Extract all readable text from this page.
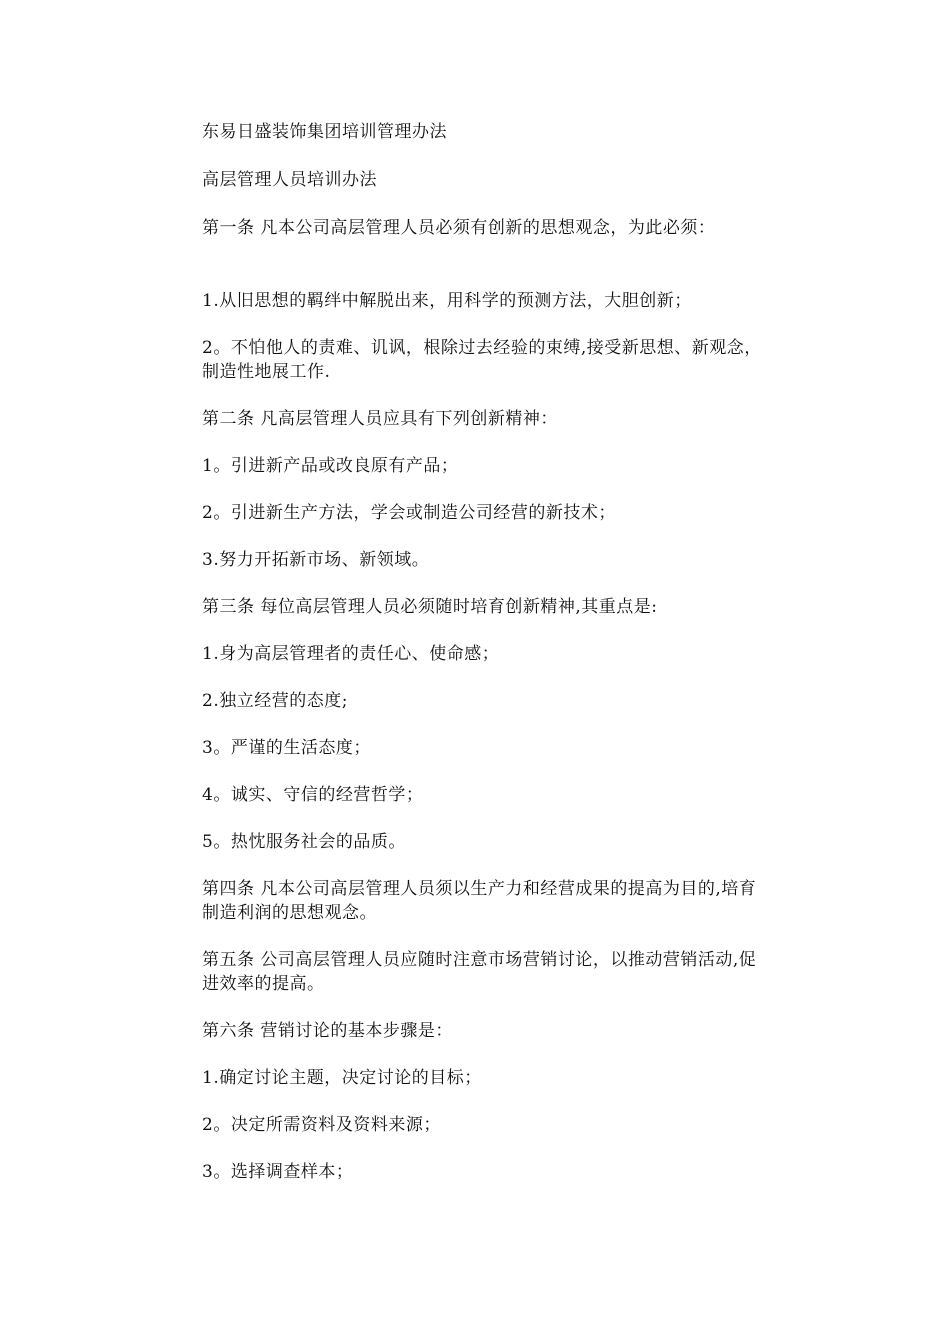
东易日盛装饰集团培训管理办法

高层管理人员培训办法

第一条 凡本公司高层管理人员必须有创新的思想观念，为此必须：

1.从旧思想的羁绊中解脱出来，用科学的预测方法，大胆创新；

2。不怕他人的责难、讥讽，根除过去经验的束缚,接受新思想、新观念，制造性地展工作.

第二条 凡高层管理人员应具有下列创新精神：

1。引进新产品或改良原有产品；

2。引进新生产方法，学会或制造公司经营的新技术；

3.努力开拓新市场、新领域。

第三条 每位高层管理人员必须随时培育创新精神,其重点是:

1.身为高层管理者的责任心、使命感；

2.独立经营的态度;

3。严谨的生活态度；

4。诚实、守信的经营哲学；

5。热忱服务社会的品质。

第四条 凡本公司高层管理人员须以生产力和经营成果的提高为目的,培育制造利润的思想观念。

第五条 公司高层管理人员应随时注意市场营销讨论，以推动营销活动,促进效率的提高。

第六条 营销讨论的基本步骤是：

1.确定讨论主题，决定讨论的目标；

2。决定所需资料及资料来源；

3。选择调查样本；
